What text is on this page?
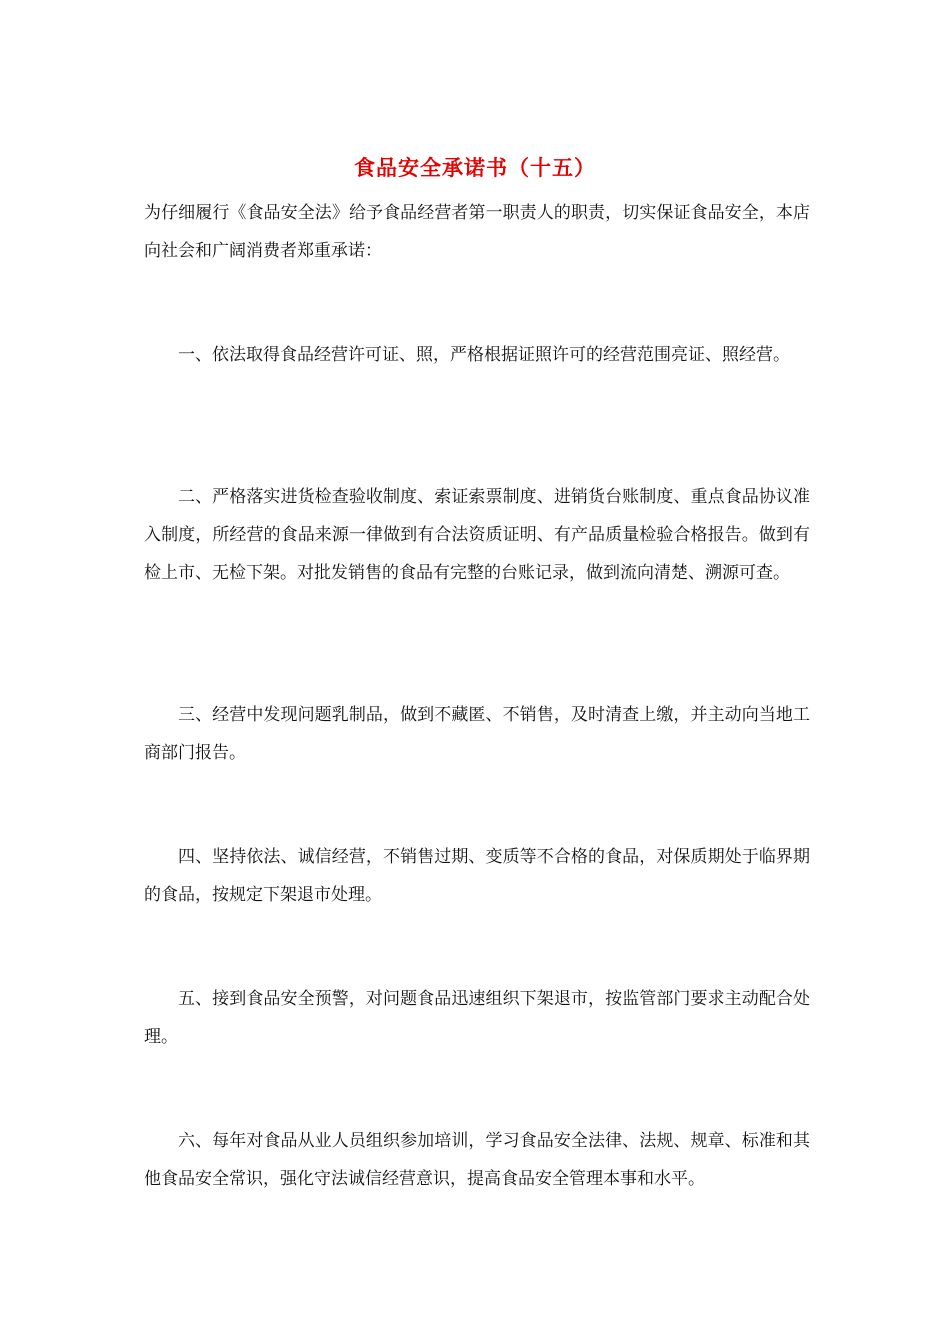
食品安全承诺书（十五）

为仔细履行《食品安全法》给予食品经营者第一职责人的职责，切实保证食品安全，本店向社会和广阔消费者郑重承诺：

一、依法取得食品经营许可证、照，严格根据证照许可的经营范围亮证、照经营。

二、严格落实进货检查验收制度、索证索票制度、进销货台账制度、重点食品协议准入制度，所经营的食品来源一律做到有合法资质证明、有产品质量检验合格报告。做到有检上市、无检下架。对批发销售的食品有完整的台账记录，做到流向清楚、溯源可查。

三、经营中发现问题乳制品，做到不藏匿、不销售，及时清查上缴，并主动向当地工商部门报告。

四、坚持依法、诚信经营，不销售过期、变质等不合格的食品，对保质期处于临界期的食品，按规定下架退市处理。

五、接到食品安全预警，对问题食品迅速组织下架退市，按监管部门要求主动配合处理。

六、每年对食品从业人员组织参加培训，学习食品安全法律、法规、规章、标准和其他食品安全常识，强化守法诚信经营意识，提高食品安全管理本事和水平。
